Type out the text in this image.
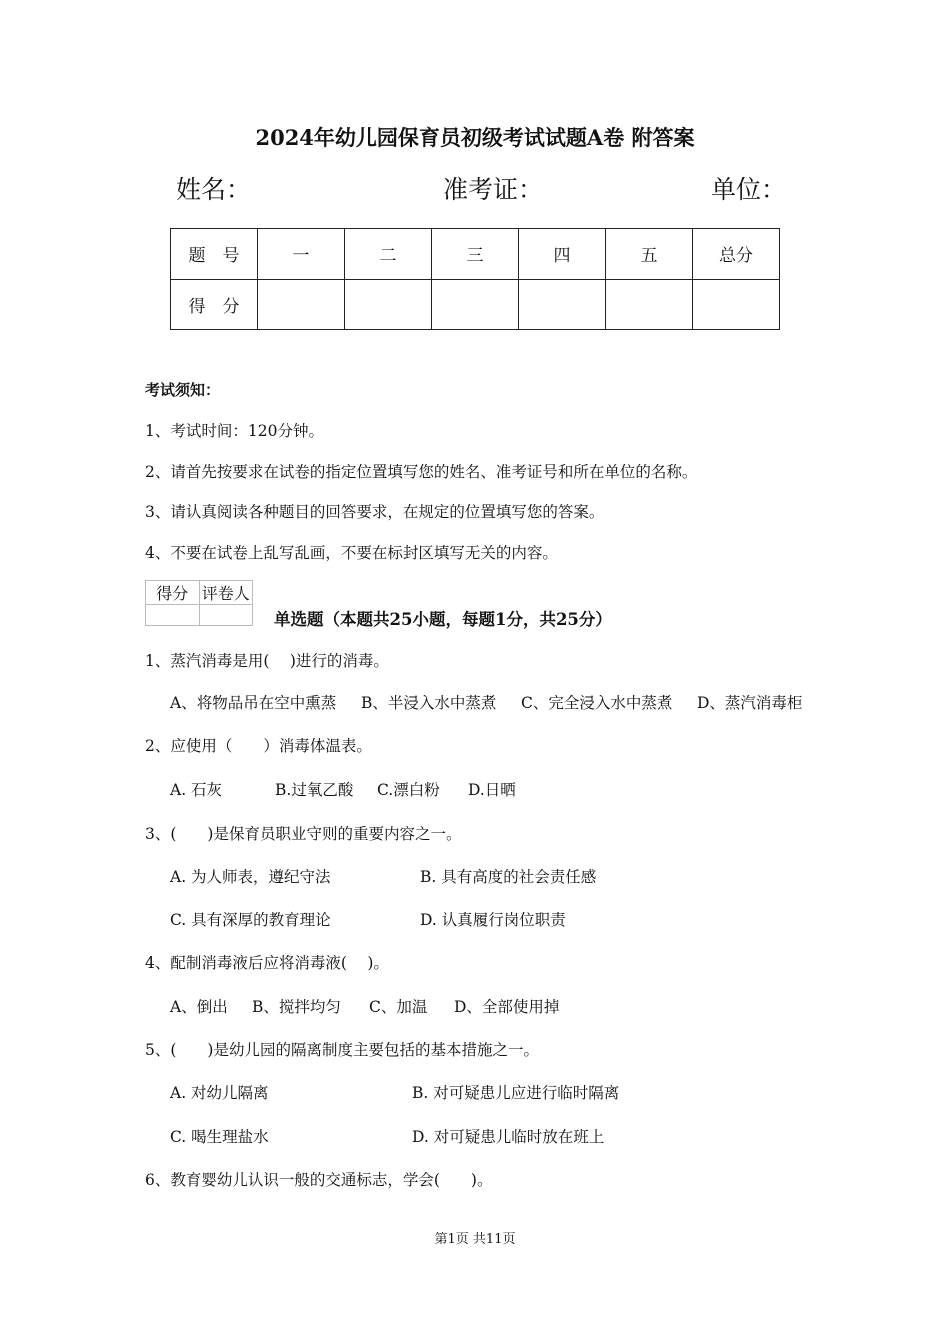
2024年幼儿园保育员初级考试试题A卷 附答案
姓名：	准考证：	单位：
题　号	一	二	三	四	五	总分
得　分						
考试须知：
1、考试时间：120分钟。
2、请首先按要求在试卷的指定位置填写您的姓名、准考证号和所在单位的名称。
3、请认真阅读各种题目的回答要求，在规定的位置填写您的答案。
4、不要在试卷上乱写乱画，不要在标封区填写无关的内容。
得分	评卷人

单选题（本题共25小题，每题1分，共25分）
1、蒸汽消毒是用(　 )进行的消毒。
A、将物品吊在空中熏蒸 B、半浸入水中蒸煮 C、完全浸入水中蒸煮 D、蒸汽消毒柜
2、应使用（　　）消毒体温表。
A. 石灰	B.过氧乙酸 C.漂白粉 D.日晒
3、(　　)是保育员职业守则的重要内容之一。
A. 为人师表，遵纪守法	B. 具有高度的社会责任感
C. 具有深厚的教育理论	D. 认真履行岗位职责
4、配制消毒液后应将消毒液(　 )。
A、倒出 B、搅拌均匀 C、加温 D、全部使用掉
5、(　　)是幼儿园的隔离制度主要包括的基本措施之一。
A. 对幼儿隔离	B. 对可疑患儿应进行临时隔离
C. 喝生理盐水	D. 对可疑患儿临时放在班上
6、教育婴幼儿认识一般的交通标志，学会(　　)。
第1页 共11页
